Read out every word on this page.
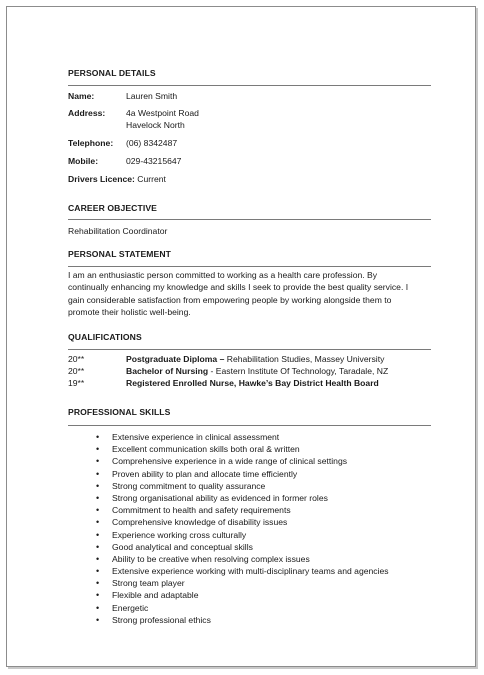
PERSONAL DETAILS
Name:	Lauren Smith
Address: 4a Westpoint Road
Havelock North
Telephone: (06) 8342487
Mobile:	029-43215647
Drivers Licence: Current
CAREER OBJECTIVE
Rehabilitation Coordinator
PERSONAL STATEMENT
I am an enthusiastic person committed to working as a health care profession. By
continually enhancing my knowledge and skills I seek to provide the best quality service. I
gain considerable satisfaction from empowering people by working alongside them to
promote their holistic well-being.
QUALIFICATIONS
20**	Postgraduate Diploma – Rehabilitation Studies, Massey University
20**	Bachelor of Nursing - Eastern Institute Of Technology, Taradale, NZ
19**	Registered Enrolled Nurse, Hawke’s Bay District Health Board
PROFESSIONAL SKILLS
• Extensive experience in clinical assessment
• Excellent communication skills both oral & written
• Comprehensive experience in a wide range of clinical settings
• Proven ability to plan and allocate time efficiently
• Strong commitment to quality assurance
• Strong organisational ability as evidenced in former roles
• Commitment to health and safety requirements
• Comprehensive knowledge of disability issues
• Experience working cross culturally
• Good analytical and conceptual skills
• Ability to be creative when resolving complex issues
• Extensive experience working with multi-disciplinary teams and agencies
• Strong team player
• Flexible and adaptable
• Energetic
• Strong professional ethics
